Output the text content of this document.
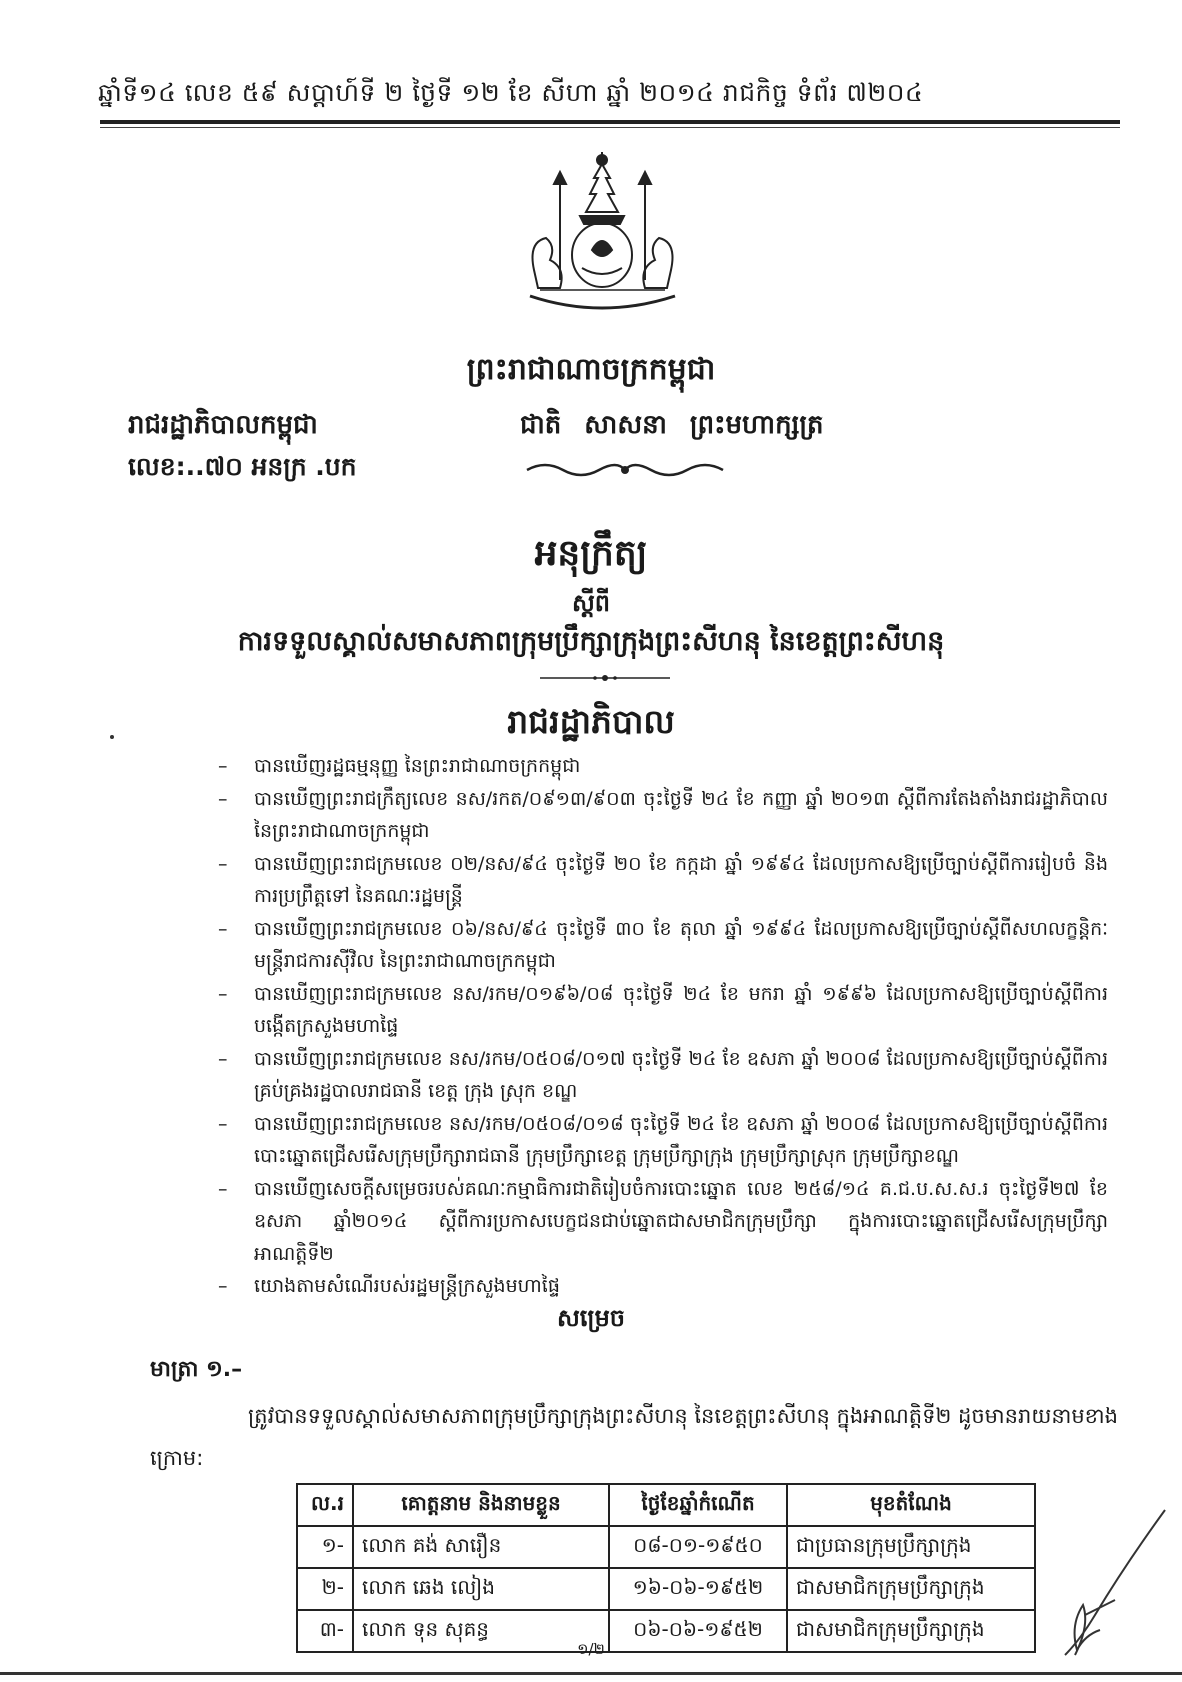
ឆ្នាំទី១៤ លេខ ៥៩ សប្តាហ៍ទី ២ ថ្ងៃទី ១២ ខែ សីហា ឆ្នាំ ២០១៤ រាជកិច្ច ទំព័រ ៧២០៤
ព្រះរាជាណាចក្រកម្ពុជា
រាជរដ្ឋាភិបាលកម្ពុជា	ជាតិ សាសនា ព្រះមហាក្សត្រ
លេខ:..៧០ អនក្រ .បក
អនុក្រឹត្យ
ស្តីពី
ការទទួលស្គាល់សមាសភាពក្រុមប្រឹក្សាក្រុងព្រះសីហនុ នៃខេត្តព្រះសីហនុ
រាជរដ្ឋាភិបាល
– បានឃើញរដ្ឋធម្មនុញ្ញ នៃព្រះរាជាណាចក្រកម្ពុជា
– បានឃើញព្រះរាជក្រឹត្យលេខ នស/រកត/០៩១៣/៩០៣ ចុះថ្ងៃទី ២៤ ខែ កញ្ញា ឆ្នាំ ២០១៣ ស្តីពីការតែងតាំងរាជរដ្ឋាភិបាល នៃព្រះរាជាណាចក្រកម្ពុជា
– បានឃើញព្រះរាជក្រមលេខ ០២/នស/៩៤ ចុះថ្ងៃទី ២០ ខែ កក្កដា ឆ្នាំ ១៩៩៤ ដែលប្រកាសឱ្យប្រើច្បាប់ស្តីពីការរៀបចំ និងការប្រព្រឹត្តទៅ នៃគណៈរដ្ឋមន្ត្រី
– បានឃើញព្រះរាជក្រមលេខ ០៦/នស/៩៤ ចុះថ្ងៃទី ៣០ ខែ តុលា ឆ្នាំ ១៩៩៤ ដែលប្រកាសឱ្យប្រើច្បាប់ស្តីពីសហលក្ខន្តិកៈមន្ត្រីរាជការស៊ីវិល នៃព្រះរាជាណាចក្រកម្ពុជា
– បានឃើញព្រះរាជក្រមលេខ នស/រកម/០១៩៦/០៨ ចុះថ្ងៃទី ២៤ ខែ មករា ឆ្នាំ ១៩៩៦ ដែលប្រកាសឱ្យប្រើច្បាប់ស្តីពីការបង្កើតក្រសួងមហាផ្ទៃ
– បានឃើញព្រះរាជក្រមលេខ នស/រកម/០៥០៨/០១៧ ចុះថ្ងៃទី ២៤ ខែ ឧសភា ឆ្នាំ ២០០៨ ដែលប្រកាសឱ្យប្រើច្បាប់ស្តីពីការគ្រប់គ្រងរដ្ឋបាលរាជធានី ខេត្ត ក្រុង ស្រុក ខណ្ឌ
– បានឃើញព្រះរាជក្រមលេខ នស/រកម/០៥០៨/០១៨ ចុះថ្ងៃទី ២៤ ខែ ឧសភា ឆ្នាំ ២០០៨ ដែលប្រកាសឱ្យប្រើច្បាប់ស្តីពីការបោះឆ្នោតជ្រើសរើសក្រុមប្រឹក្សារាជធានី ក្រុមប្រឹក្សាខេត្ត ក្រុមប្រឹក្សាក្រុង ក្រុមប្រឹក្សាស្រុក ក្រុមប្រឹក្សាខណ្ឌ
– បានឃើញសេចក្តីសម្រេចរបស់គណៈកម្មាធិការជាតិរៀបចំការបោះឆ្នោត លេខ ២៥៨/១៤ គ.ជ.ប.ស.ស.រ ចុះថ្ងៃទី២៧ ខែឧសភា ឆ្នាំ២០១៤ ស្តីពីការប្រកាសបេក្ខជនជាប់ឆ្នោតជាសមាជិកក្រុមប្រឹក្សា ក្នុងការបោះឆ្នោតជ្រើសរើសក្រុមប្រឹក្សាអាណត្តិទី២
– យោងតាមសំណើរបស់រដ្ឋមន្ត្រីក្រសួងមហាផ្ទៃ
សម្រេច
មាត្រា ១.–
ត្រូវបានទទួលស្គាល់សមាសភាពក្រុមប្រឹក្សាក្រុងព្រះសីហនុ នៃខេត្តព្រះសីហនុ ក្នុងអាណត្តិទី២ ដូចមានរាយនាមខាងក្រោម:
ល.រ	គោត្តនាម និងនាមខ្លួន	ថ្ងៃខែឆ្នាំកំណើត	មុខតំណែង
១-	លោក គង់ សារឿន	០៨-០១-១៩៥០	ជាប្រធានក្រុមប្រឹក្សាក្រុង
២-	លោក ឆេង លៀង	១៦-០៦-១៩៥២	ជាសមាជិកក្រុមប្រឹក្សាក្រុង
៣-	លោក ទុន សុគន្ធ	០៦-០៦-១៩៥២	ជាសមាជិកក្រុមប្រឹក្សាក្រុង
១/២
